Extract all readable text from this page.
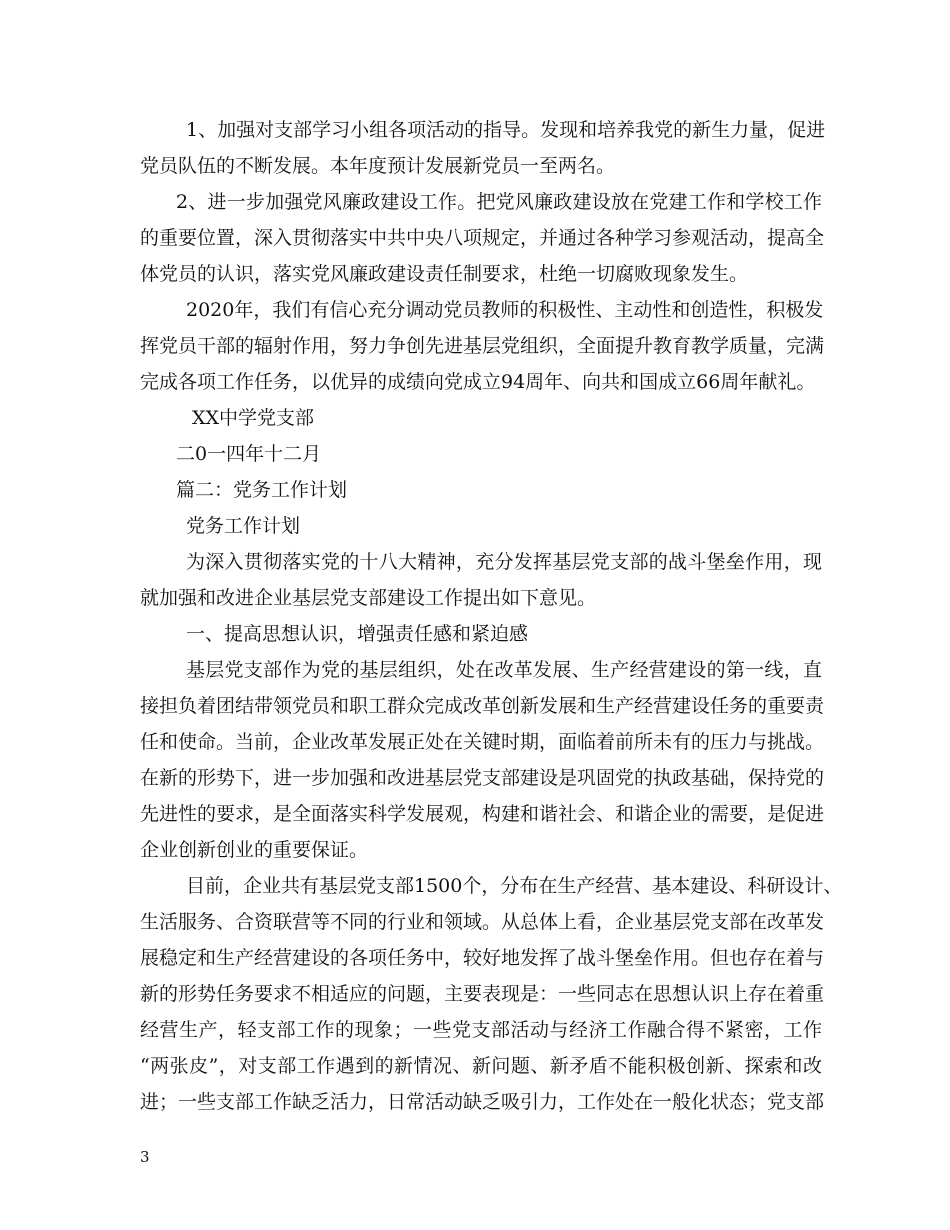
1、加强对支部学习小组各项活动的指导。发现和培养我党的新生力量，促进
党员队伍的不断发展。本年度预计发展新党员一至两名。
2、进一步加强党风廉政建设工作。把党风廉政建设放在党建工作和学校工作
的重要位置，深入贯彻落实中共中央八项规定，并通过各种学习参观活动，提高全
体党员的认识，落实党风廉政建设责任制要求，杜绝一切腐败现象发生。
2020年，我们有信心充分调动党员教师的积极性、主动性和创造性，积极发
挥党员干部的辐射作用，努力争创先进基层党组织，全面提升教育教学质量，完满
完成各项工作任务，以优异的成绩向党成立94周年、向共和国成立66周年献礼。
XX中学党支部
二0一四年十二月
篇二：党务工作计划
党务工作计划
为深入贯彻落实党的十八大精神，充分发挥基层党支部的战斗堡垒作用，现
就加强和改进企业基层党支部建设工作提出如下意见。
一、提高思想认识，增强责任感和紧迫感
基层党支部作为党的基层组织，处在改革发展、生产经营建设的第一线，直
接担负着团结带领党员和职工群众完成改革创新发展和生产经营建设任务的重要责
任和使命。当前，企业改革发展正处在关键时期，面临着前所未有的压力与挑战。
在新的形势下，进一步加强和改进基层党支部建设是巩固党的执政基础，保持党的
先进性的要求，是全面落实科学发展观，构建和谐社会、和谐企业的需要，是促进
企业创新创业的重要保证。
目前，企业共有基层党支部1500个，分布在生产经营、基本建设、科研设计、
生活服务、合资联营等不同的行业和领域。从总体上看，企业基层党支部在改革发
展稳定和生产经营建设的各项任务中，较好地发挥了战斗堡垒作用。但也存在着与
新的形势任务要求不相适应的问题，主要表现是：一些同志在思想认识上存在着重
经营生产，轻支部工作的现象；一些党支部活动与经济工作融合得不紧密，工作
“两张皮”，对支部工作遇到的新情况、新问题、新矛盾不能积极创新、探索和改
进；一些支部工作缺乏活力，日常活动缺乏吸引力，工作处在一般化状态；党支部
3
